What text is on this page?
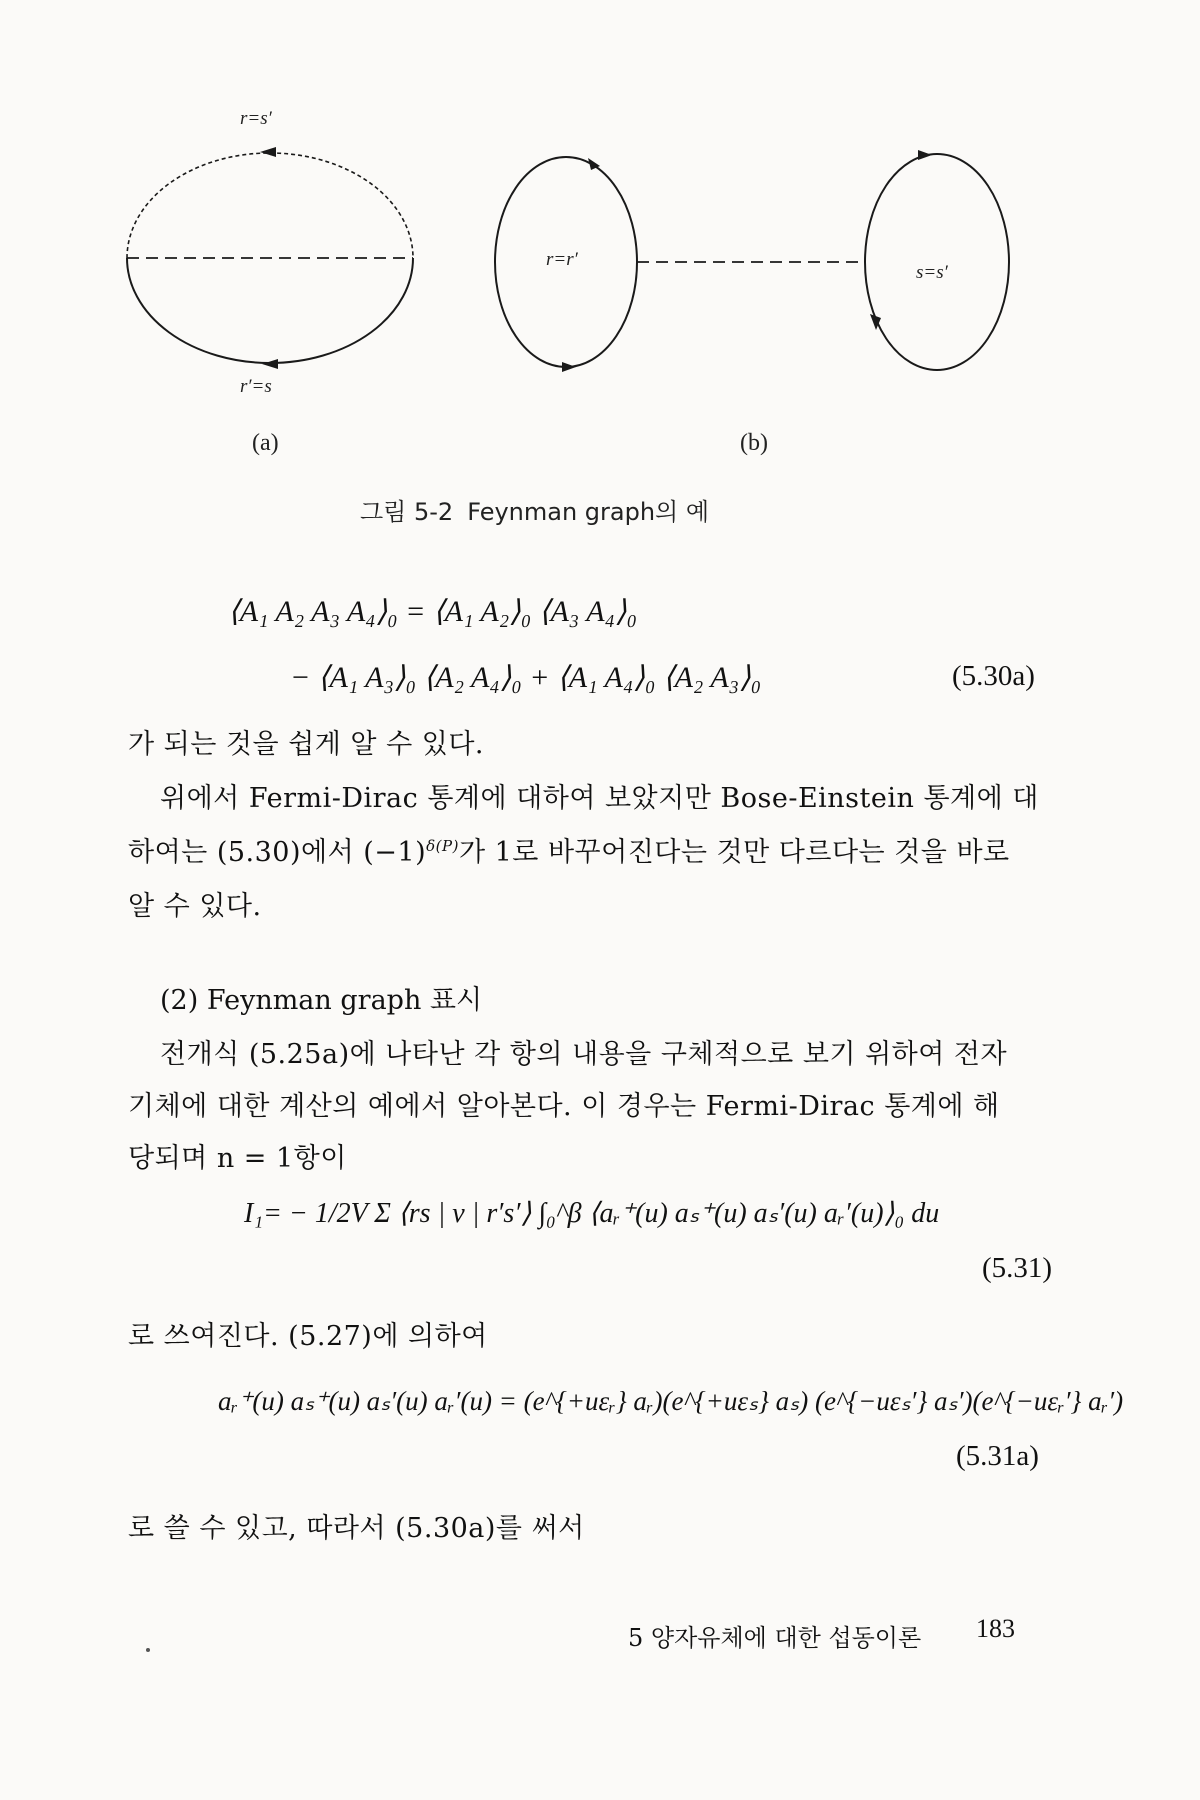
r=s′
r′=s
r=r′
s=s′
(a)	(b)
그림 5-2 Feynman graph의 예
⟨A₁ A₂ A₃ A₄⟩₀ = ⟨A₁ A₂⟩₀ ⟨A₃ A₄⟩₀
− ⟨A₁ A₃⟩₀ ⟨A₂ A₄⟩₀ + ⟨A₁ A₄⟩₀ ⟨A₂ A₃⟩₀	(5.30a)
가 되는 것을 쉽게 알 수 있다.
위에서 Fermi-Dirac 통계에 대하여 보았지만 Bose-Einstein 통계에 대
하여는 (5.30)에서 $(-1)^{\delta(P)}$가 1로 바꾸어진다는 것만 다르다는 것을 바로
알 수 있다.
(2) Feynman graph 표시
전개식 (5.25a)에 나타난 각 항의 내용을 구체적으로 보기 위하여 전자
기체에 대한 계산의 예에서 알아본다. 이 경우는 Fermi-Dirac 통계에 해
당되며 n = 1항이
I₁= − 1/2V Σ ⟨rs | v | r′s′⟩ ∫₀^β ⟨aᵣ⁺(u) aₛ⁺(u) aₛ′(u) aᵣ′(u)⟩₀ du
(5.31)
로 쓰여진다. (5.27)에 의하여
aᵣ⁺(u) aₛ⁺(u) aₛ′(u) aᵣ′(u) = (e^{+uεᵣ} aᵣ)(e^{+uεₛ} aₛ) (e^{−uεₛ′} aₛ′)(e^{−uεᵣ′} aᵣ′)
(5.31a)
로 쓸 수 있고, 따라서 (5.30a)를 써서
5 양자유체에 대한 섭동이론 183
